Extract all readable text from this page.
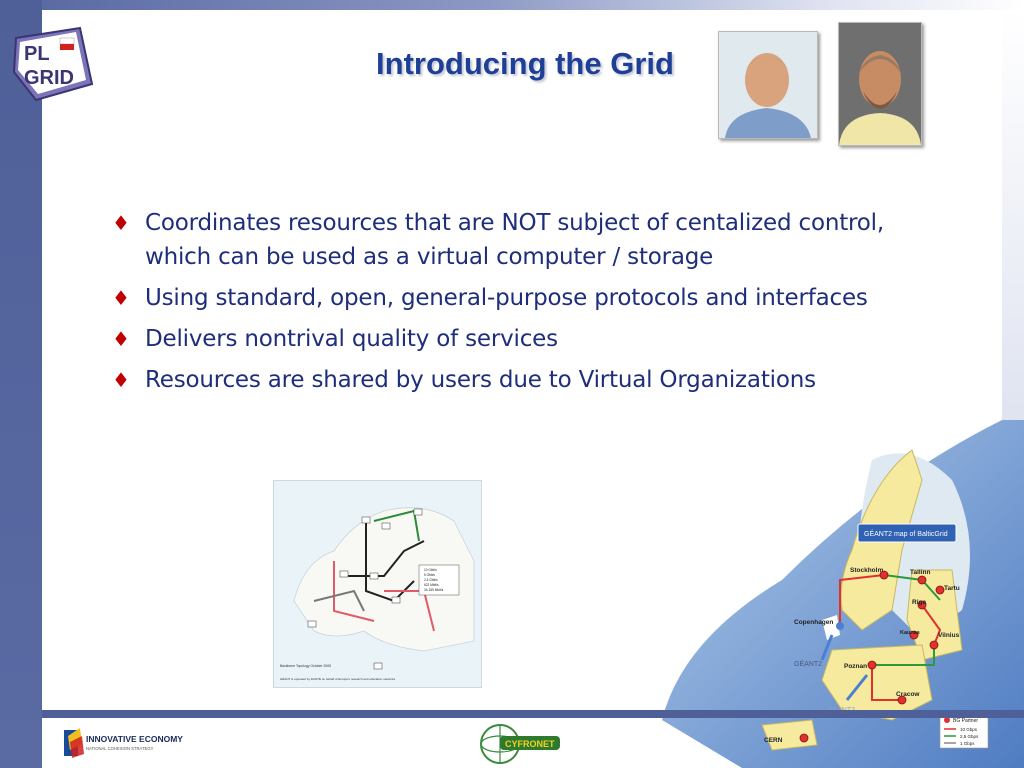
PL
GRID	Introducing the Grid
♦ Coordinates resources that are NOT subject of centalized control, which can be used as a virtual computer / storage
♦ Using standard, open, general-purpose protocols and interfaces
♦ Delivers nontrival quality of services
♦ Resources are shared by users due to Virtual Organizations
10 Gbit/s
5 Gbit/s
2.5 Gbit/s
622 Mbit/s
34-155 Mbit/s
Backbone Topology October 2005
GÉANT is operated by DANTE on behalf of Europe's research and education networks
GÉANT2 map of BalticGrid
Stockholm	Tallinn
Tartu
Riga
Kaunas	Vilnius
Copenhagen
Poznan
Cracow
CERN
GÉANT2
BG Partner
10 Gbps
2,5 Gbps
1 Gbps
INNOVATIVE ECONOMY
NATIONAL COHESION STRATEGY	CYFRONET
